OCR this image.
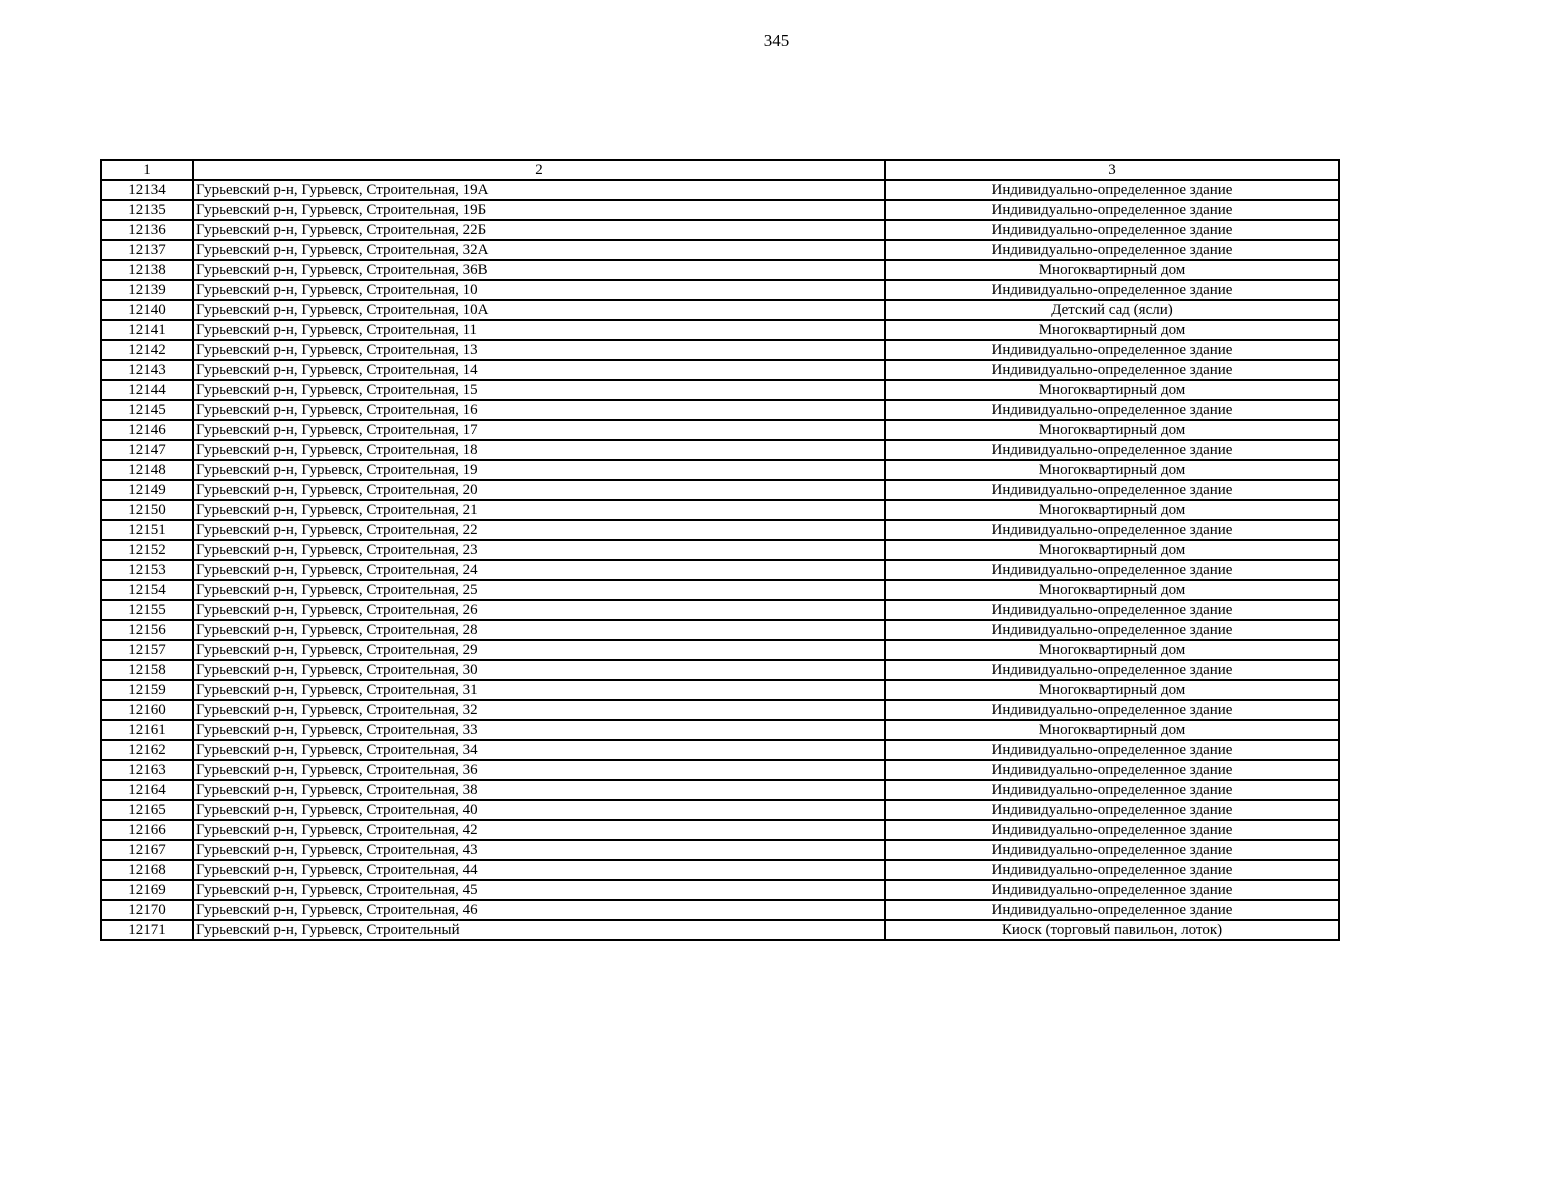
345
1	2	3
12134	Гурьевский р-н, Гурьевск, Строительная, 19А	Индивидуально-определенное здание
12135	Гурьевский р-н, Гурьевск, Строительная, 19Б	Индивидуально-определенное здание
12136	Гурьевский р-н, Гурьевск, Строительная, 22Б	Индивидуально-определенное здание
12137	Гурьевский р-н, Гурьевск, Строительная, 32А	Индивидуально-определенное здание
12138	Гурьевский р-н, Гурьевск, Строительная, 36В	Многоквартирный дом
12139	Гурьевский р-н, Гурьевск, Строительная, 10	Индивидуально-определенное здание
12140	Гурьевский р-н, Гурьевск, Строительная, 10А	Детский сад (ясли)
12141	Гурьевский р-н, Гурьевск, Строительная, 11	Многоквартирный дом
12142	Гурьевский р-н, Гурьевск, Строительная, 13	Индивидуально-определенное здание
12143	Гурьевский р-н, Гурьевск, Строительная, 14	Индивидуально-определенное здание
12144	Гурьевский р-н, Гурьевск, Строительная, 15	Многоквартирный дом
12145	Гурьевский р-н, Гурьевск, Строительная, 16	Индивидуально-определенное здание
12146	Гурьевский р-н, Гурьевск, Строительная, 17	Многоквартирный дом
12147	Гурьевский р-н, Гурьевск, Строительная, 18	Индивидуально-определенное здание
12148	Гурьевский р-н, Гурьевск, Строительная, 19	Многоквартирный дом
12149	Гурьевский р-н, Гурьевск, Строительная, 20	Индивидуально-определенное здание
12150	Гурьевский р-н, Гурьевск, Строительная, 21	Многоквартирный дом
12151	Гурьевский р-н, Гурьевск, Строительная, 22	Индивидуально-определенное здание
12152	Гурьевский р-н, Гурьевск, Строительная, 23	Многоквартирный дом
12153	Гурьевский р-н, Гурьевск, Строительная, 24	Индивидуально-определенное здание
12154	Гурьевский р-н, Гурьевск, Строительная, 25	Многоквартирный дом
12155	Гурьевский р-н, Гурьевск, Строительная, 26	Индивидуально-определенное здание
12156	Гурьевский р-н, Гурьевск, Строительная, 28	Индивидуально-определенное здание
12157	Гурьевский р-н, Гурьевск, Строительная, 29	Многоквартирный дом
12158	Гурьевский р-н, Гурьевск, Строительная, 30	Индивидуально-определенное здание
12159	Гурьевский р-н, Гурьевск, Строительная, 31	Многоквартирный дом
12160	Гурьевский р-н, Гурьевск, Строительная, 32	Индивидуально-определенное здание
12161	Гурьевский р-н, Гурьевск, Строительная, 33	Многоквартирный дом
12162	Гурьевский р-н, Гурьевск, Строительная, 34	Индивидуально-определенное здание
12163	Гурьевский р-н, Гурьевск, Строительная, 36	Индивидуально-определенное здание
12164	Гурьевский р-н, Гурьевск, Строительная, 38	Индивидуально-определенное здание
12165	Гурьевский р-н, Гурьевск, Строительная, 40	Индивидуально-определенное здание
12166	Гурьевский р-н, Гурьевск, Строительная, 42	Индивидуально-определенное здание
12167	Гурьевский р-н, Гурьевск, Строительная, 43	Индивидуально-определенное здание
12168	Гурьевский р-н, Гурьевск, Строительная, 44	Индивидуально-определенное здание
12169	Гурьевский р-н, Гурьевск, Строительная, 45	Индивидуально-определенное здание
12170	Гурьевский р-н, Гурьевск, Строительная, 46	Индивидуально-определенное здание
12171	Гурьевский р-н, Гурьевск, Строительный	Киоск (торговый павильон, лоток)
